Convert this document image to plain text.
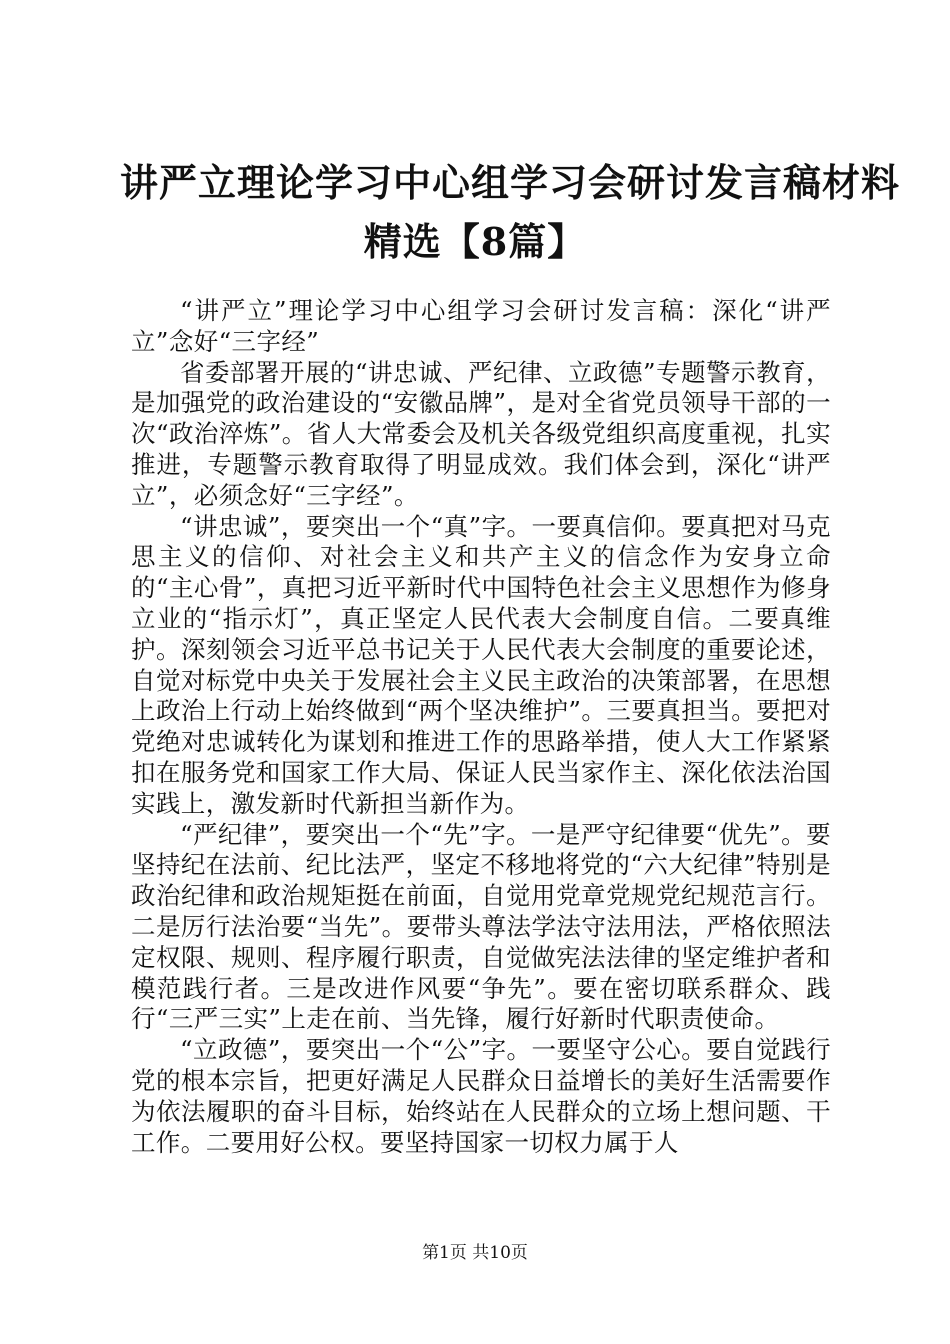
讲严立理论学习中心组学习会研讨发言稿材料
精选【8篇】

“讲严立”理论学习中心组学习会研讨发言稿：深化“讲严立”念好“三字经”

省委部署开展的“讲忠诚、严纪律、立政德”专题警示教育，是加强党的政治建设的“安徽品牌”，是对全省党员领导干部的一次“政治淬炼”。省人大常委会及机关各级党组织高度重视，扎实推进，专题警示教育取得了明显成效。我们体会到，深化“讲严立”，必须念好“三字经”。

“讲忠诚”，要突出一个“真”字。一要真信仰。要真把对马克思主义的信仰、对社会主义和共产主义的信念作为安身立命的“主心骨”，真把习近平新时代中国特色社会主义思想作为修身立业的“指示灯”，真正坚定人民代表大会制度自信。二要真维护。深刻领会习近平总书记关于人民代表大会制度的重要论述，自觉对标党中央关于发展社会主义民主政治的决策部署，在思想上政治上行动上始终做到“两个坚决维护”。三要真担当。要把对党绝对忠诚转化为谋划和推进工作的思路举措，使人大工作紧紧扣在服务党和国家工作大局、保证人民当家作主、深化依法治国实践上，激发新时代新担当新作为。

“严纪律”，要突出一个“先”字。一是严守纪律要“优先”。要坚持纪在法前、纪比法严，坚定不移地将党的“六大纪律”特别是政治纪律和政治规矩挺在前面，自觉用党章党规党纪规范言行。二是厉行法治要“当先”。要带头尊法学法守法用法，严格依照法定权限、规则、程序履行职责，自觉做宪法法律的坚定维护者和模范践行者。三是改进作风要“争先”。要在密切联系群众、践行“三严三实”上走在前、当先锋，履行好新时代职责使命。

“立政德”，要突出一个“公”字。一要坚守公心。要自觉践行党的根本宗旨，把更好满足人民群众日益增长的美好生活需要作为依法履职的奋斗目标，始终站在人民群众的立场上想问题、干工作。二要用好公权。要坚持国家一切权力属于人

第1页 共10页
